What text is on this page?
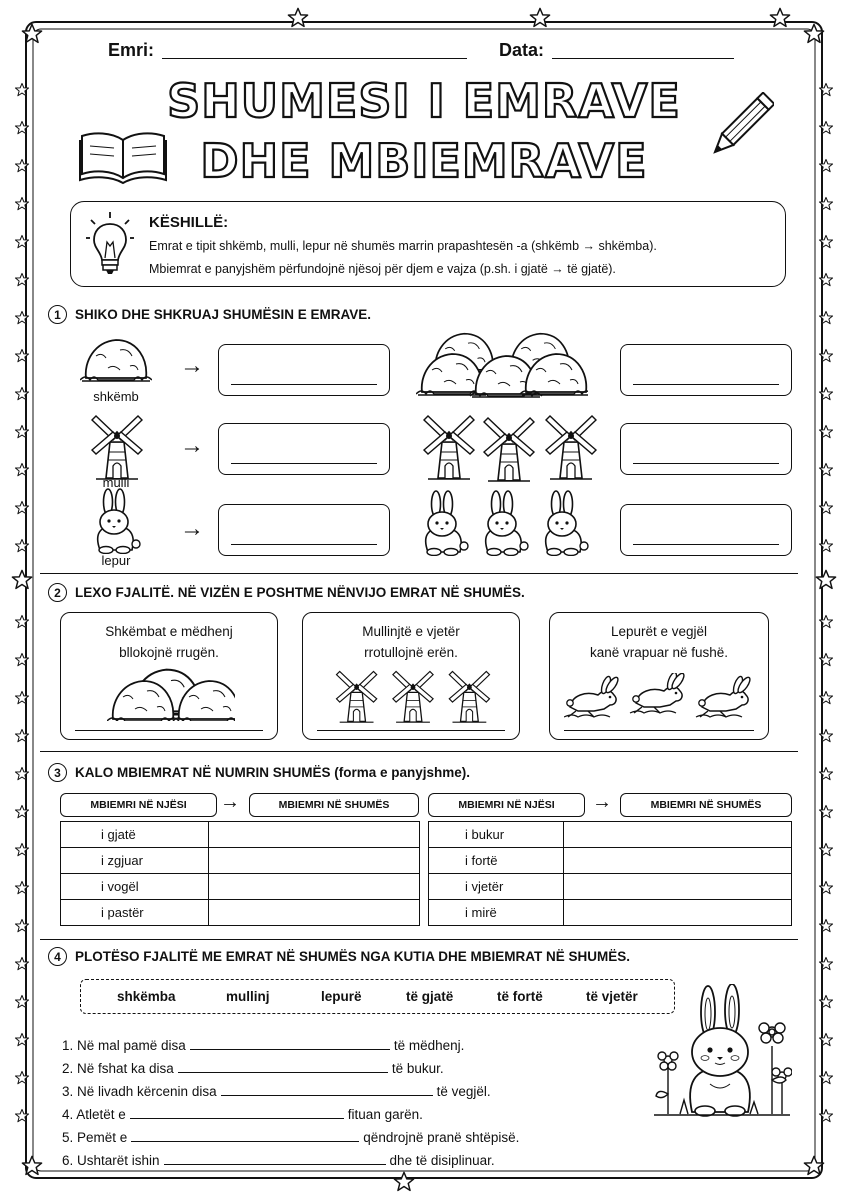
Emri:	Data:
SHUMESI I EMRAVE
DHE MBIEMRAVE
KËSHILLË:
Emrat e tipit shkëmb, mulli, lepur në shumës marrin prapashtesën -a (shkëmb → shkëmba).
Mbiemrat e panyjshëm përfundojnë njësoj për djem e vajza (p.sh. i gjatë → të gjatë).
1	SHIKO DHE SHKRUAJ SHUMËSIN E EMRAVE.
shkëmb
→
mulli
→
lepur
→
2	LEXO FJALITË. NË VIZËN E POSHTME NËNVIJO EMRAT NË SHUMËS.
Shkëmbat e mëdhenj
bllokojnë rrugën.
Mullinjtë e vjetër
rrotullojnë erën.
Lepurët e vegjël
kanë vrapuar në fushë.
3	KALO MBIEMRAT NË NUMRIN SHUMËS (forma e panyjshme).
MBIEMRI NË NJËSI	→	MBIEMRI NË SHUMËS	MBIEMRI NË NJËSI	→	MBIEMRI NË SHUMËS
i gjatë	
i zgjuar	
i vogël	
i pastër	
i bukur	
i fortë	
i vjetër	
i mirë	
4	PLOTËSO FJALITË ME EMRAT NË SHUMËS NGA KUTIA DHE MBIEMRAT NË SHUMËS.
shkëmba	mullinj	lepurë	të gjatë	të fortë	të vjetër
1. Në mal pamë disa	të mëdhenj.
2. Në fshat ka disa	të bukur.
3. Në livadh kërcenin disa	të vegjël.
4. Atletët e	fituan garën.
5. Pemët e	qëndrojnë pranë shtëpisë.
6. Ushtarët ishin	dhe të disiplinuar.
